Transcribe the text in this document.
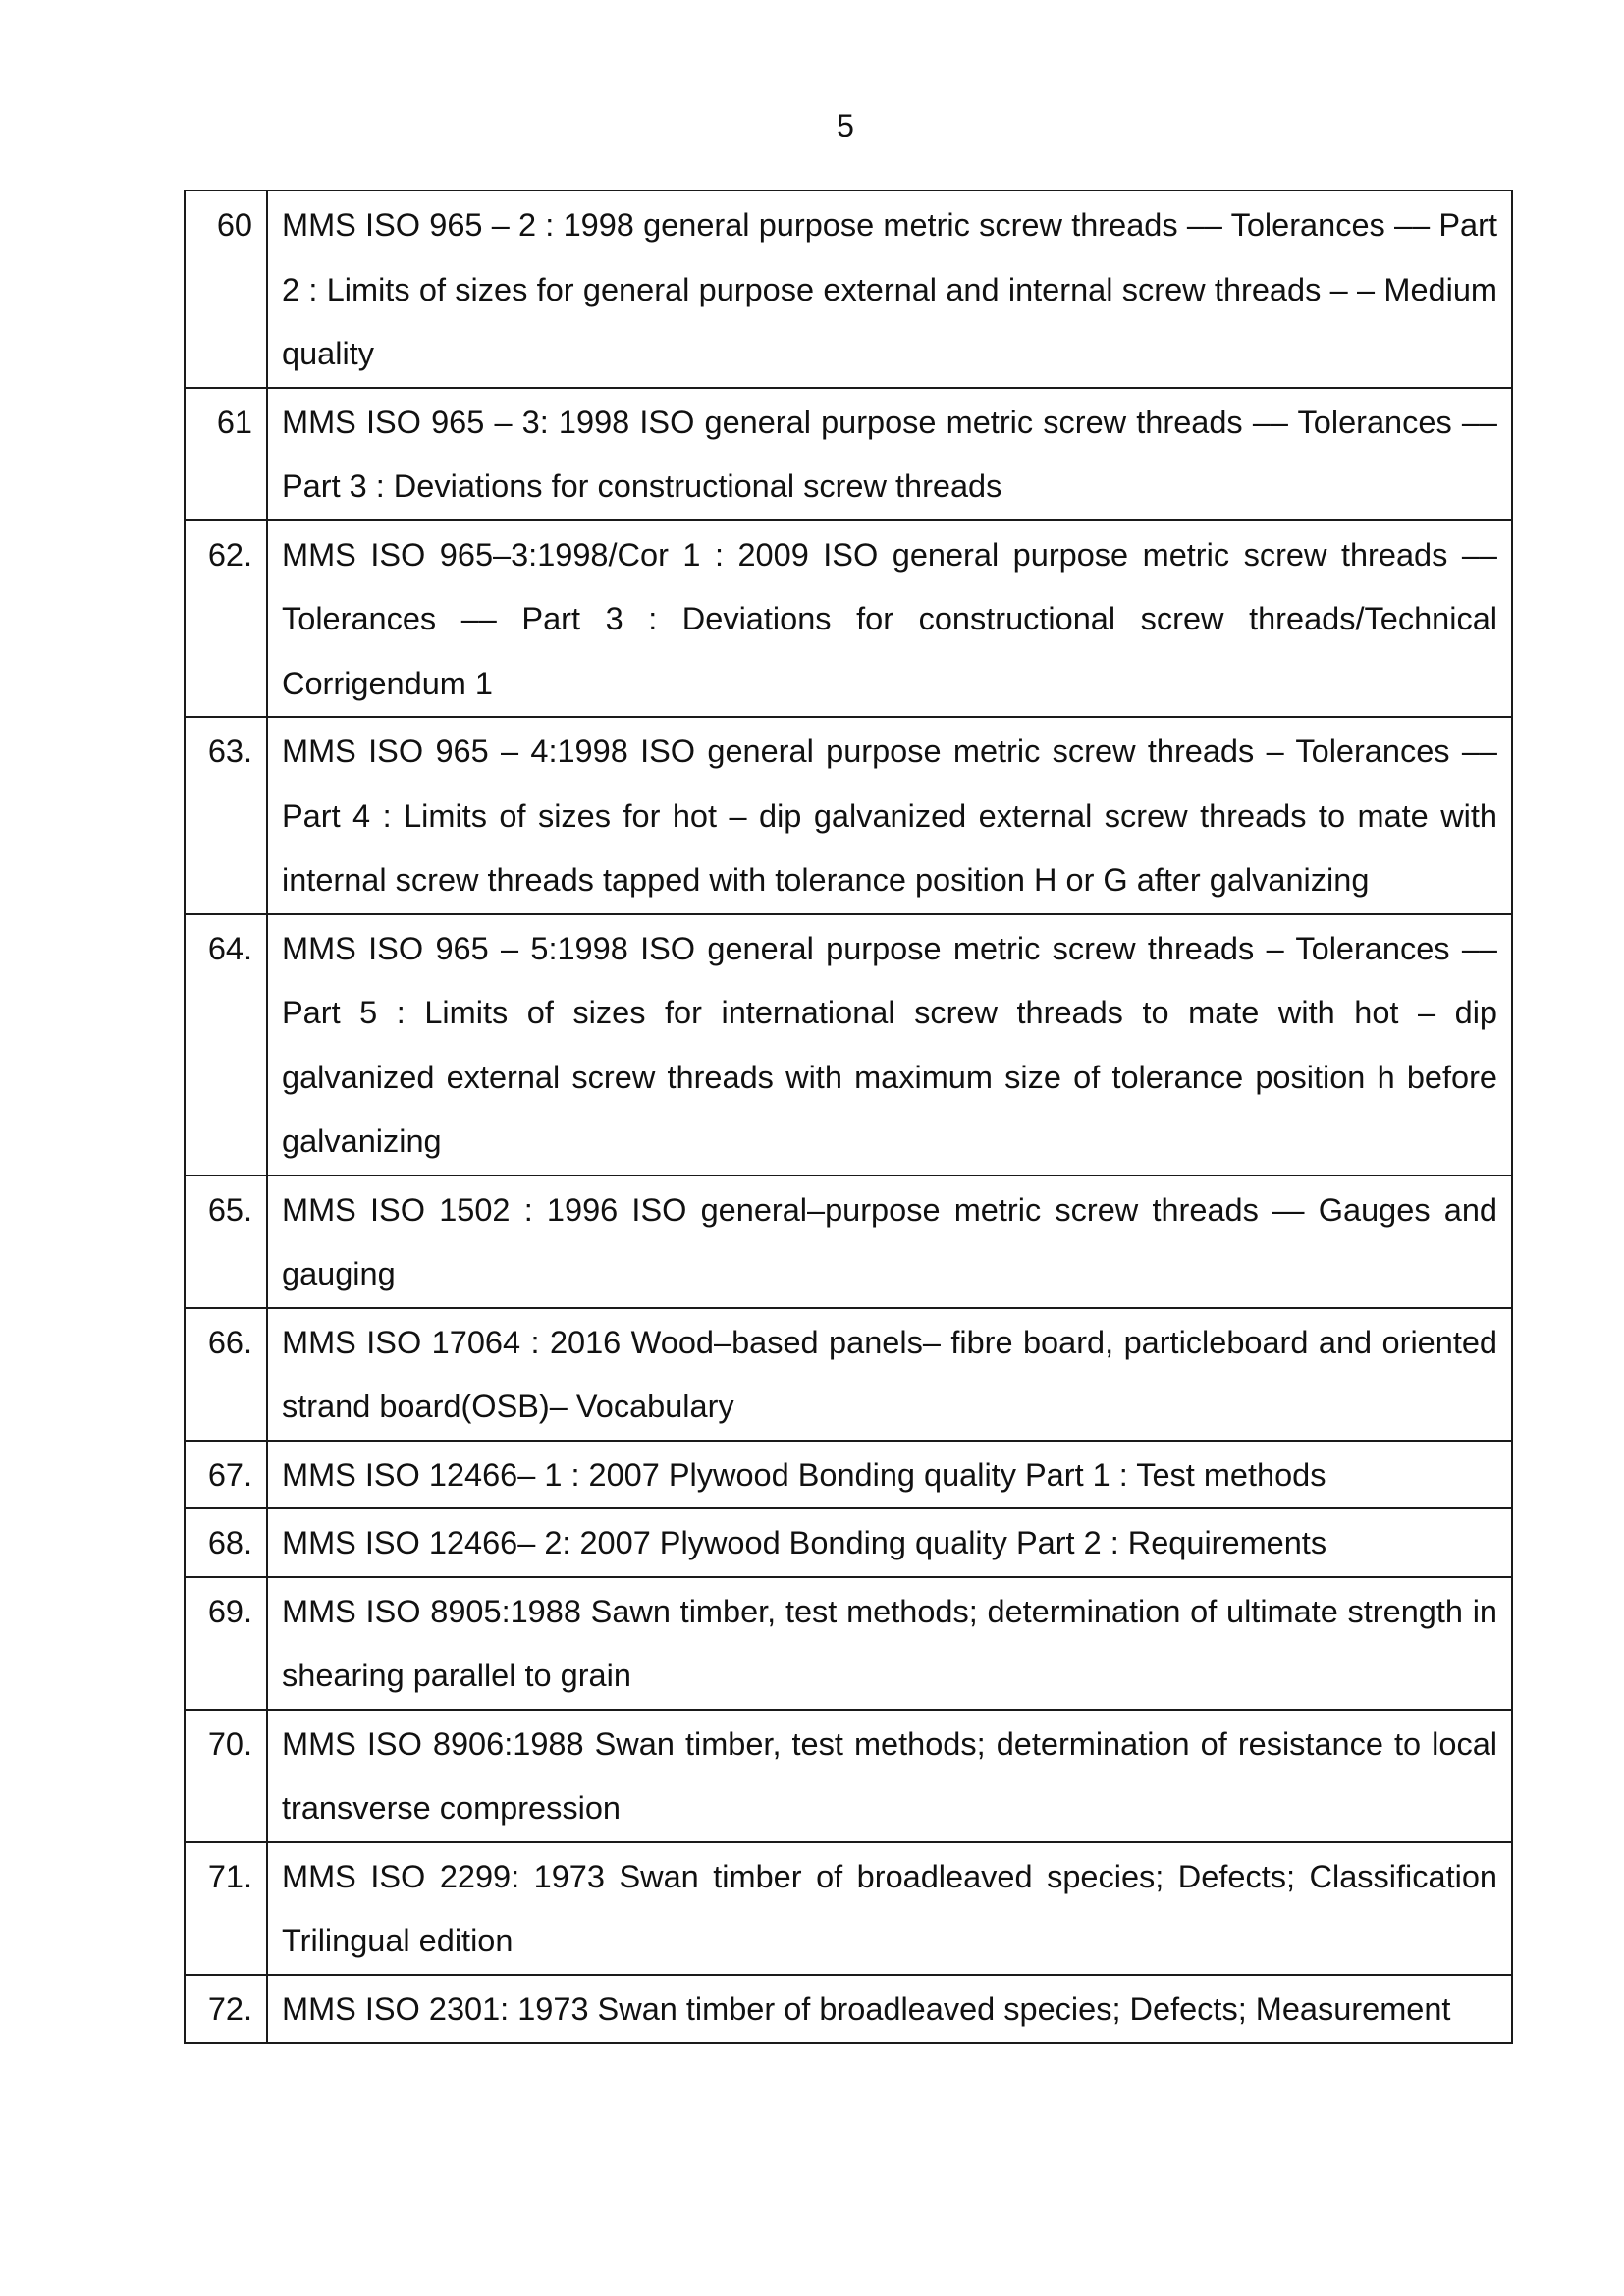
5
60	MMS ISO 965 – 2 : 1998 general purpose metric screw threads –– Tolerances –– Part 2 : Limits of sizes for general purpose external and internal screw threads – – Medium quality
61	MMS ISO 965 – 3: 1998 ISO general purpose metric screw threads –– Tolerances –– Part 3 : Deviations for constructional screw threads
62.	MMS ISO 965–3:1998/Cor 1 : 2009 ISO general purpose metric screw threads –– Tolerances –– Part 3 : Deviations for constructional screw threads/Technical Corrigendum 1
63.	MMS ISO 965 – 4:1998 ISO general purpose metric screw threads – Tolerances –– Part 4 : Limits of sizes for hot – dip galvanized external screw threads to mate with internal screw threads tapped with tolerance position H or G after galvanizing
64.	MMS ISO 965 – 5:1998 ISO general purpose metric screw threads – Tolerances –– Part 5 : Limits of sizes for international screw threads to mate with hot – dip galvanized external screw threads with maximum size of tolerance position h before galvanizing
65.	MMS ISO 1502 : 1996 ISO general–purpose metric screw threads — Gauges and gauging
66.	MMS ISO 17064 : 2016 Wood–based panels– fibre board, particleboard and oriented strand board(OSB)– Vocabulary
67.	MMS ISO 12466– 1 : 2007 Plywood Bonding quality Part 1 : Test methods
68.	MMS ISO 12466– 2: 2007 Plywood Bonding quality Part 2 : Requirements
69.	MMS ISO 8905:1988 Sawn timber, test methods; determination of ultimate strength in shearing parallel to grain
70.	MMS ISO 8906:1988 Swan timber, test methods; determination of resistance to local transverse compression
71.	MMS ISO 2299: 1973 Swan timber of broadleaved species; Defects; Classification Trilingual edition
72.	MMS ISO 2301: 1973 Swan timber of broadleaved species; Defects; Measurement
